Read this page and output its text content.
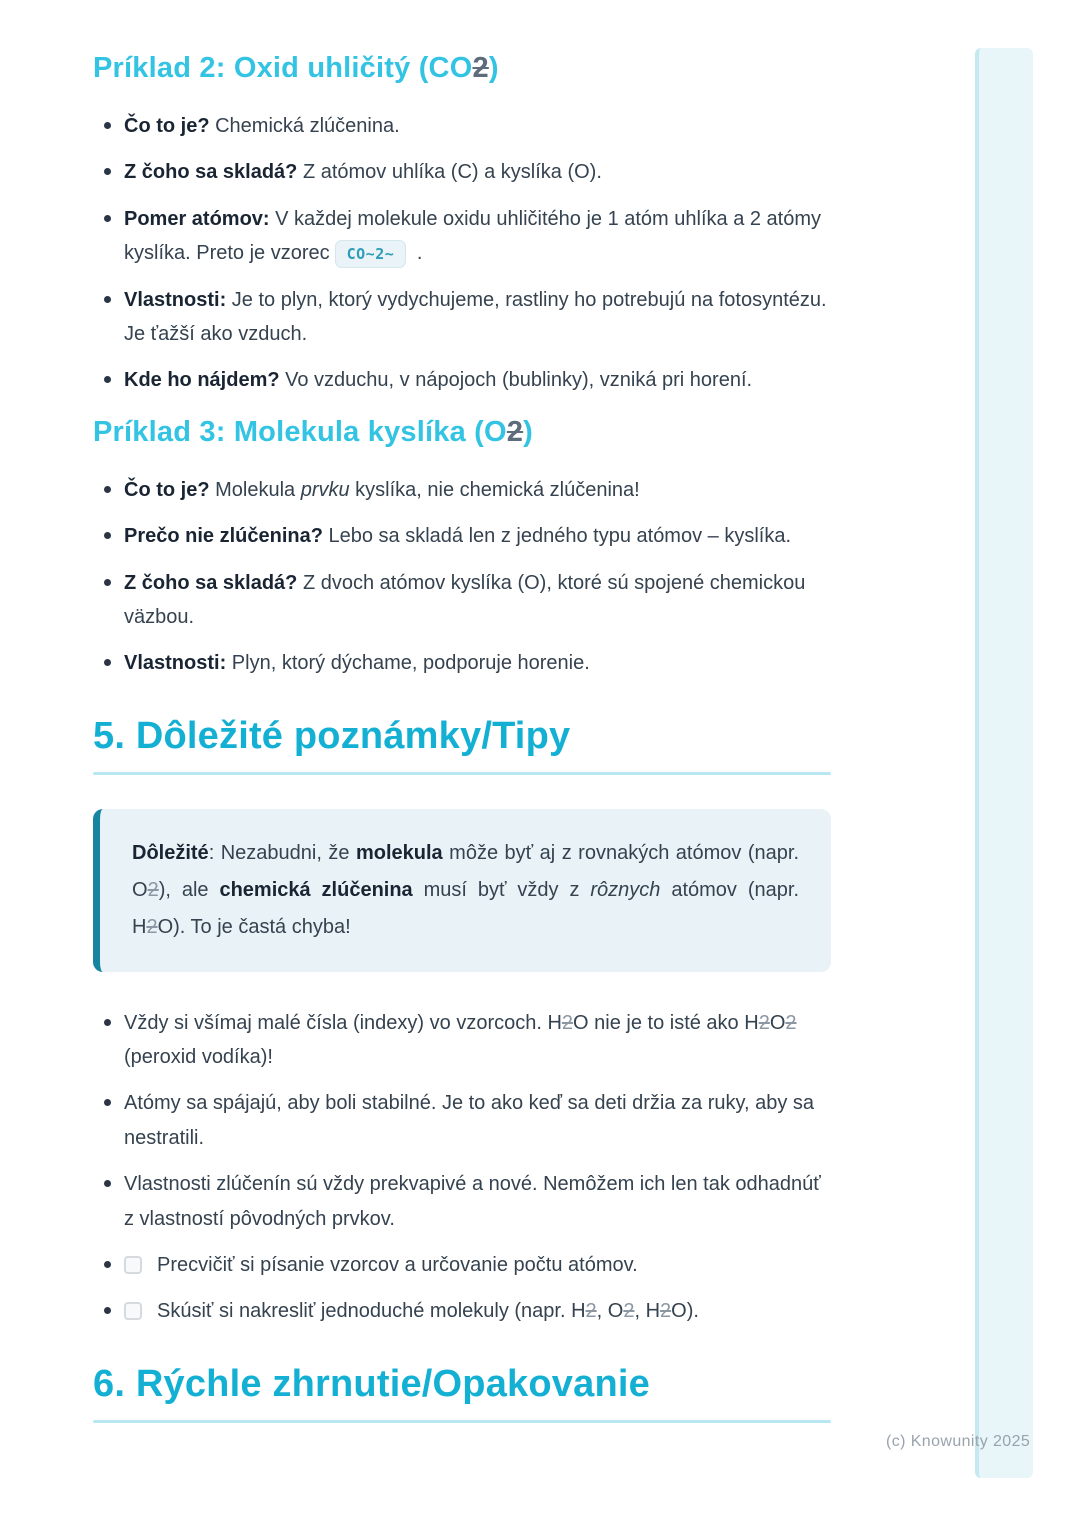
Príklad 2: Oxid uhličitý (CO2)
Čo to je? Chemická zlúčenina.
Z čoho sa skladá? Z atómov uhlíka (C) a kyslíka (O).
Pomer atómov: V každej molekule oxidu uhličitého je 1 atóm uhlíka a 2 atómy kyslíka. Preto je vzorec CO~2~ .
Vlastnosti: Je to plyn, ktorý vydychujeme, rastliny ho potrebujú na fotosyntézu. Je ťažší ako vzduch.
Kde ho nájdem? Vo vzduchu, v nápojoch (bublinky), vzniká pri horení.
Príklad 3: Molekula kyslíka (O2)
Čo to je? Molekula prvku kyslíka, nie chemická zlúčenina!
Prečo nie zlúčenina? Lebo sa skladá len z jedného typu atómov – kyslíka.
Z čoho sa skladá? Z dvoch atómov kyslíka (O), ktoré sú spojené chemickou väzbou.
Vlastnosti: Plyn, ktorý dýchame, podporuje horenie.
5. Dôležité poznámky/Tipy
Dôležité: Nezabudni, že molekula môže byť aj z rovnakých atómov (napr. O2), ale chemická zlúčenina musí byť vždy z rôznych atómov (napr. H2O). To je častá chyba!
Vždy si všímaj malé čísla (indexy) vo vzorcoch. H2O nie je to isté ako H2O2 (peroxid vodíka)!
Atómy sa spájajú, aby boli stabilné. Je to ako keď sa deti držia za ruky, aby sa nestratili.
Vlastnosti zlúčenín sú vždy prekvapivé a nové. Nemôžem ich len tak odhadnúť z vlastností pôvodných prvkov.
Precvičiť si písanie vzorcov a určovanie počtu atómov.
Skúsiť si nakresliť jednoduché molekuly (napr. H2, O2, H2O).
6. Rýchle zhrnutie/Opakovanie
(c) Knowunity 2025
